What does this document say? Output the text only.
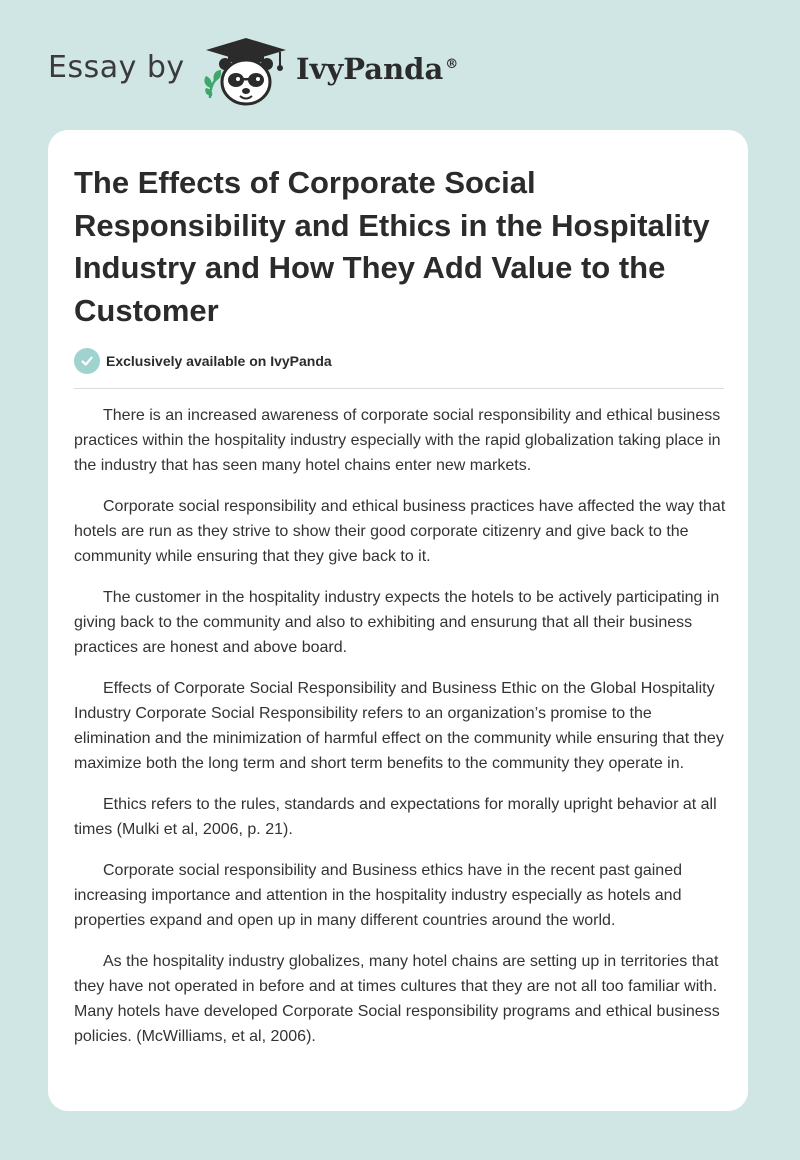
Essay by	IvyPanda ®
The Effects of Corporate Social Responsibility and Ethics in the Hospitality Industry and How They Add Value to the Customer
Exclusively available on IvyPanda

There is an increased awareness of corporate social responsibility and ethical business practices within the hospitality industry especially with the rapid globalization taking place in the industry that has seen many hotel chains enter new markets.

Corporate social responsibility and ethical business practices have affected the way that hotels are run as they strive to show their good corporate citizenry and give back to the community while ensuring that they give back to it.

The customer in the hospitality industry expects the hotels to be actively participating in giving back to the community and also to exhibiting and ensurung that all their business practices are honest and above board.

Effects of Corporate Social Responsibility and Business Ethic on the Global Hospitality Industry Corporate Social Responsibility refers to an organization’s promise to the elimination and the minimization of harmful effect on the community while ensuring that they maximize both the long term and short term benefits to the community they operate in.

Ethics refers to the rules, standards and expectations for morally upright behavior at all times (Mulki et al, 2006, p. 21).

Corporate social responsibility and Business ethics have in the recent past gained increasing importance and attention in the hospitality industry especially as hotels and properties expand and open up in many different countries around the world.

As the hospitality industry globalizes, many hotel chains are setting up in territories that they have not operated in before and at times cultures that they are not all too familiar with. Many hotels have developed Corporate Social responsibility programs and ethical business policies. (McWilliams, et al, 2006).
